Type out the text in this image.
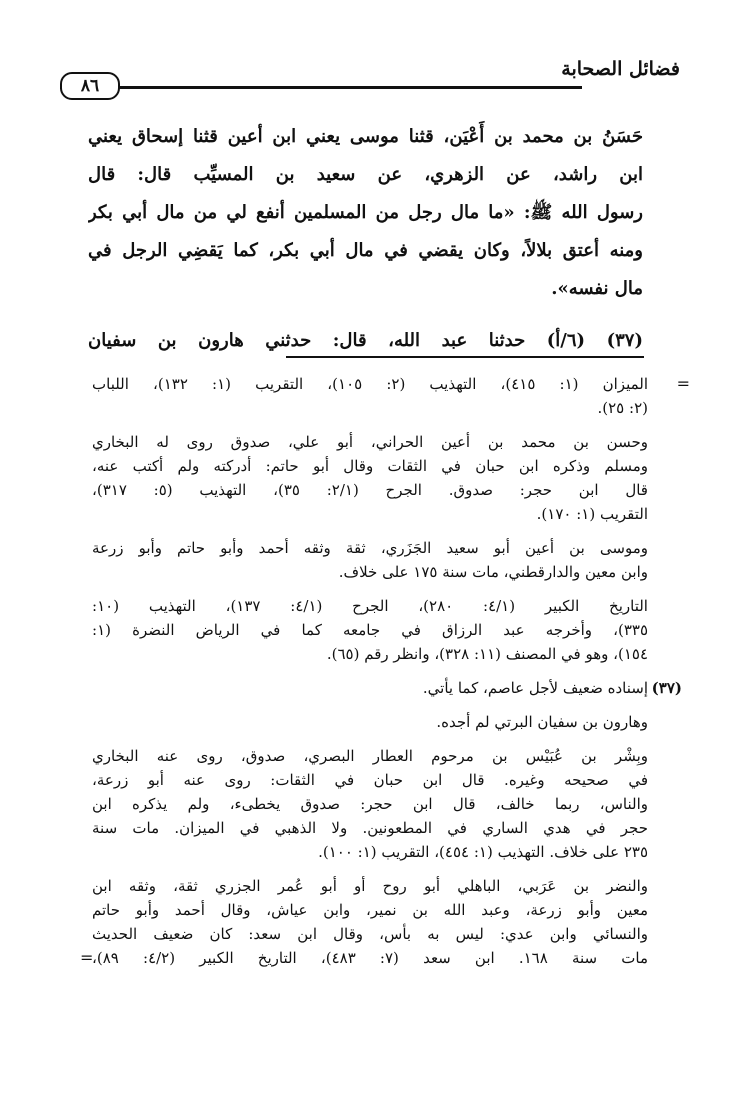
فضائل الصحابة
٨٦

حَسَنُ بن محمد بن أَعْيَن، قثنا موسى يعني ابن أعين قثنا إسحاق يعني
ابن راشد، عن الزهري، عن سعيد بن المسيِّب قال: قال
رسول الله ﷺ: «ما مال رجل من المسلمين أنفع لي من مال أبي بكر
ومنه أعتق بلالاً، وكان يقضي في مال أبي بكر، كما يَقضِي الرجل في
مال نفسه».

(٣٧) (٦/أ) حدثنا عبد الله، قال: حدثني هارون بن سفيان

=
الميزان (١: ٤١٥)، التهذيب (٢: ١٠٥)، التقريب (١: ١٣٢)، اللباب
(٢: ٢٥).
وحسن بن محمد بن أعين الحراني، أبو علي، صدوق روى له البخاري
ومسلم وذكره ابن حبان في الثقات وقال أبو حاتم: أدركته ولم أكتب عنه،
قال ابن حجر: صدوق. الجرح (٢/١: ٣٥)، التهذيب (٥: ٣١٧)،
التقريب (١: ١٧٠).
وموسى بن أعين أبو سعيد الجَزَري، ثقة وثقه أحمد وأبو حاتم وأبو زرعة
وابن معين والدارقطني، مات سنة ١٧٥ على خلاف.
التاريخ الكبير (٤/١: ٢٨٠)، الجرح (٤/١: ١٣٧)، التهذيب (١٠:
٣٣٥)، وأخرجه عبد الرزاق في جامعه كما في الرياض النضرة (١:
١٥٤)، وهو في المصنف (١١: ٣٢٨)، وانظر رقم (٦٥).
(٣٧)
إسناده ضعيف لأجل عاصم، كما يأتي.
وهارون بن سفيان البرتي لم أجده.
وبِشْر بن عُبَيْس بن مرحوم العطار البصري، صدوق، روى عنه البخاري
في صحيحه وغيره. قال ابن حبان في الثقات: روى عنه أبو زرعة،
والناس، ربما خالف، قال ابن حجر: صدوق يخطىء، ولم يذكره ابن
حجر في هدي الساري في المطعونين. ولا الذهبي في الميزان. مات سنة
٢٣٥ على خلاف. التهذيب (١: ٤٥٤)، التقريب (١: ١٠٠).
والنضر بن عَرَبي، الباهلي أبو روح أو أبو عُمر الجزري ثقة، وثقه ابن
معين وأبو زرعة، وعبد الله بن نمير، وابن عياش، وقال أحمد وأبو حاتم
والنسائي وابن عدي: ليس به بأس، وقال ابن سعد: كان ضعيف الحديث
مات سنة ١٦٨. ابن سعد (٧: ٤٨٣)، التاريخ الكبير (٤/٢: ٨٩)،
=
